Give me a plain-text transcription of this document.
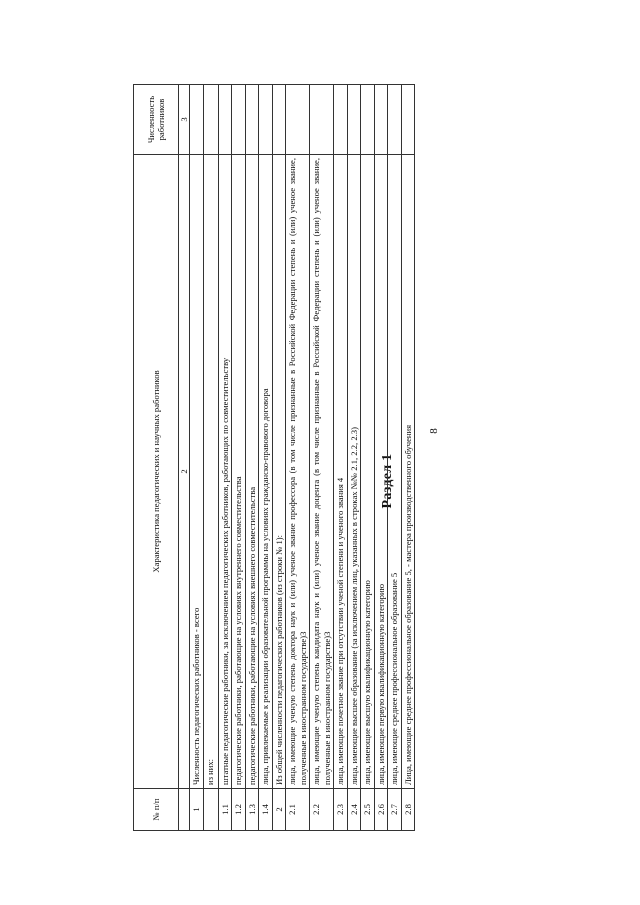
8
Раздел 1
№ п/п	Характеристика педагогических и научных работников	Численность работников
	2	3
1	Численность педагогических работников - всего	
	из них:	
1.1	штатные педагогические работники, за исключением педагогических работников, работающих по совместительству	
1.2	педагогические работники, работающие на условиях внутреннего совместительства	
1.3	педагогические работники, работающие на условиях внешнего совместительства	
1.4	лица, привлекаемые к реализации образовательной программы на условиях гражданско-правового договора	
2	Из общей численности педагогических работников (из строки № 1):	
2.1	лица, имеющие ученую степень доктора наук и (или) ученое звание профессора (в том числе признанные в Российской Федерации степень и (или) ученое звание, полученные в иностранном государстве)3	
2.2	лица, имеющие ученую степень кандидата наук и (или) ученое звание доцента (в том числе признанные в Российской Федерации степень и (или) ученое звание, полученные в иностранном государстве)3	
2.3	лица, имеющие почетное звание при отсутствии ученой степени и ученого звания 4	
2.4	лица, имеющие высшее образование (за исключением лиц, указанных в строках №№ 2.1, 2.2, 2.3)	
2.5	лица, имеющие высшую квалификационную категорию	
2.6	лица, имеющие первую квалификационную категорию	
2.7	лица, имеющие среднее профессиональное образование 5	
2.8	Лица, имеющие среднее профессиональное образование 5, - мастера производственного обучения	
